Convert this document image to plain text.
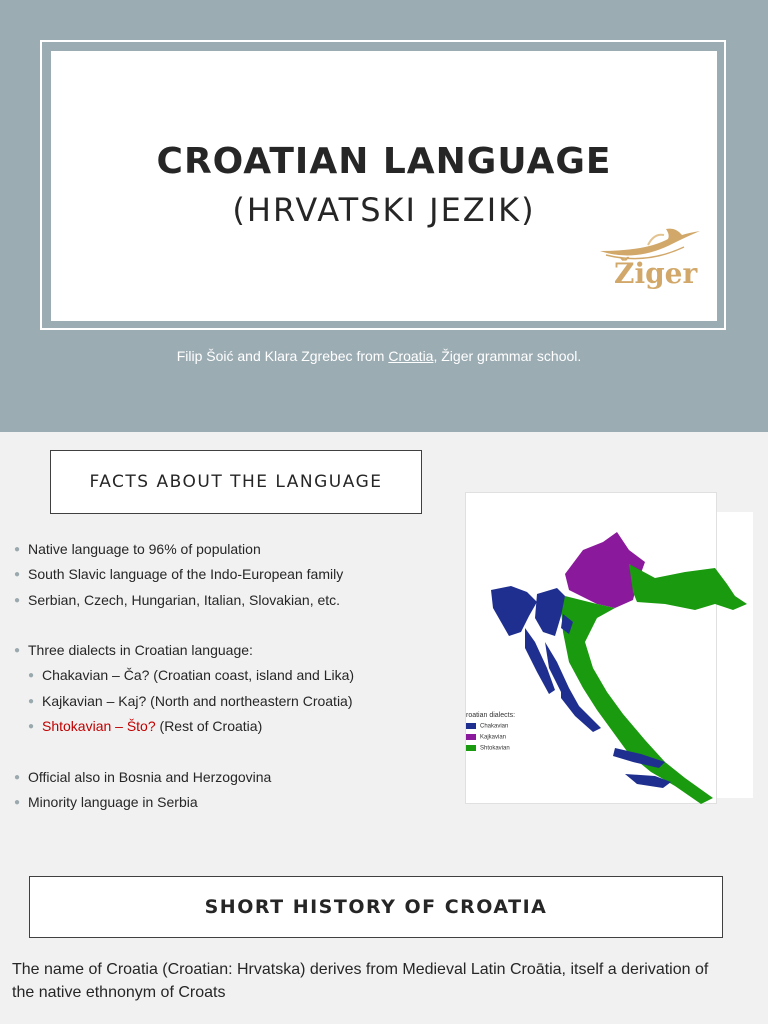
CROATIAN LANGUAGE
(HRVATSKI JEZIK)
Žiger
Filip Šoić and Klara Zgrebec from Croatia, Žiger grammar school.
FACTS ABOUT THE LANGUAGE
● Native language to 96% of population
● South Slavic language of the Indo-European family
● Serbian, Czech, Hungarian, Italian, Slovakian, etc.
● Three dialects in Croatian language:
● Chakavian – Ča? (Croatian coast, island and Lika)
● Kajkavian – Kaj? (North and northeastern Croatia)
● Shtokavian – Što? (Rest of Croatia)
● Official also in Bosnia and Herzogovina
● Minority language in Serbia
roatian dialects:
Chakavian
Kajkavian
Shtokavian
SHORT HISTORY OF CROATIA
The name of Croatia (Croatian: Hrvatska) derives from Medieval Latin Croātia, itself a derivation of the native ethnonym of Croats
